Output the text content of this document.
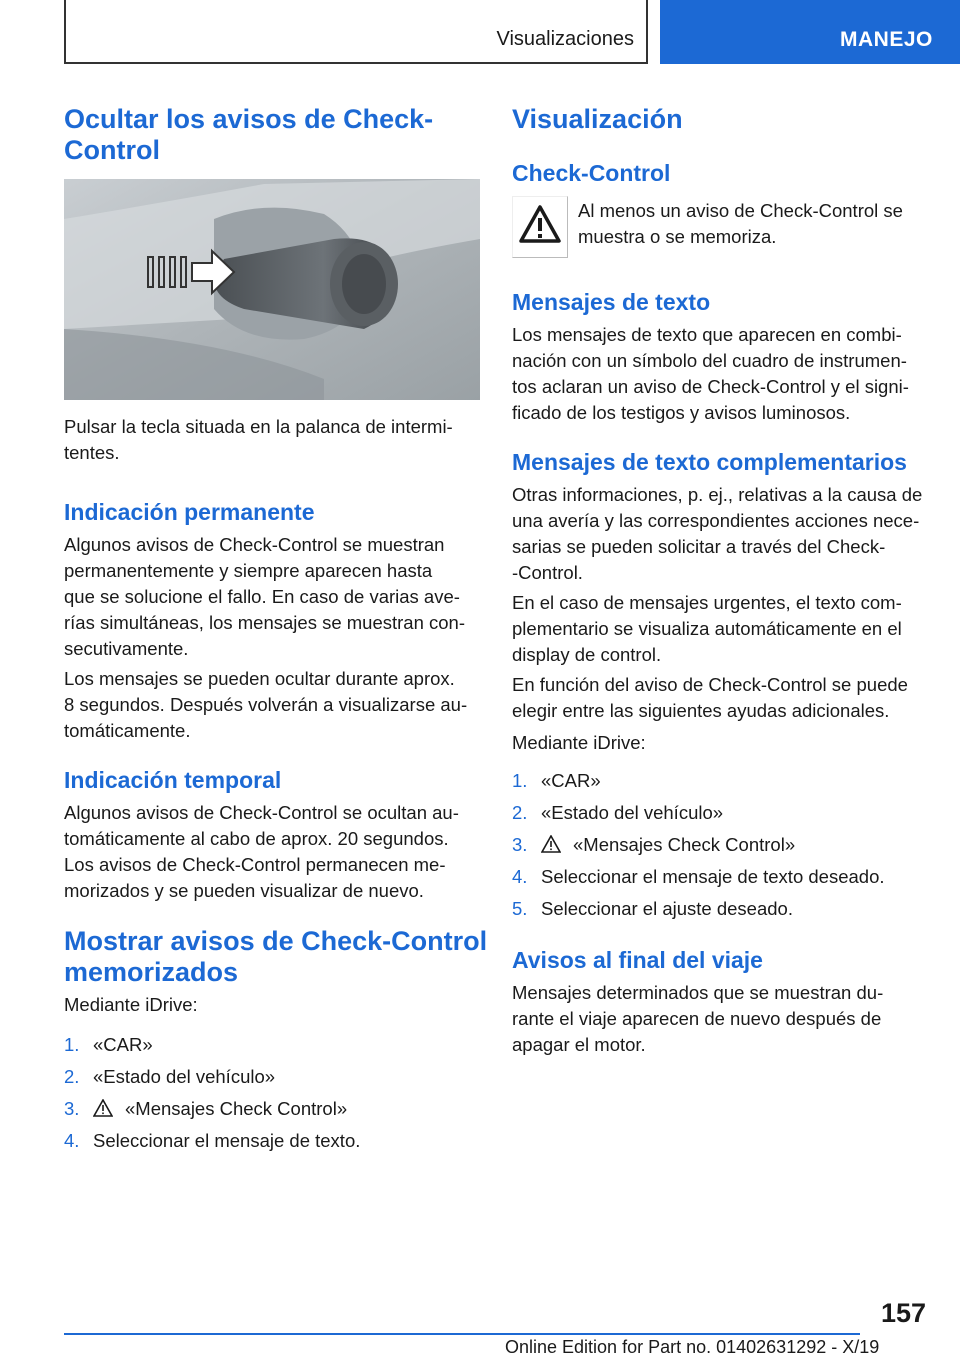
Visualizaciones	MANEJO
Ocultar los avisos de Check-
Control

Pulsar la tecla situada en la palanca de intermi-
tentes.

Indicación permanente

Algunos avisos de Check-Control se muestran
permanentemente y siempre aparecen hasta
que se solucione el fallo. En caso de varias ave-
rías simultáneas, los mensajes se muestran con-
secutivamente.

Los mensajes se pueden ocultar durante aprox.
8 segundos. Después volverán a visualizarse au-
tomáticamente.

Indicación temporal

Algunos avisos de Check-Control se ocultan au-
tomáticamente al cabo de aprox. 20 segundos.
Los avisos de Check-Control permanecen me-
morizados y se pueden visualizar de nuevo.

Mostrar avisos de Check-Control
memorizados

Mediante iDrive:

1. «CAR»
2. «Estado del vehículo»
3.	«Mensajes Check Control»
4. Seleccionar el mensaje de texto.
Visualización
Check-Control

Al menos un aviso de Check-Control se
muestra o se memoriza.

Mensajes de texto

Los mensajes de texto que aparecen en combi-
nación con un símbolo del cuadro de instrumen-
tos aclaran un aviso de Check-Control y el signi-
ficado de los testigos y avisos luminosos.

Mensajes de texto complementarios

Otras informaciones, p. ej., relativas a la causa de
una avería y las correspondientes acciones nece-
sarias se pueden solicitar a través del Check-
-Control.

En el caso de mensajes urgentes, el texto com-
plementario se visualiza automáticamente en el
display de control.

En función del aviso de Check-Control se puede
elegir entre las siguientes ayudas adicionales.

Mediante iDrive:

1. «CAR»
2. «Estado del vehículo»
3.	«Mensajes Check Control»
4. Seleccionar el mensaje de texto deseado.
5. Seleccionar el ajuste deseado.
Avisos al final del viaje

Mensajes determinados que se muestran du-
rante el viaje aparecen de nuevo después de
apagar el motor.

157
Online Edition for Part no. 01402631292 - X/19
